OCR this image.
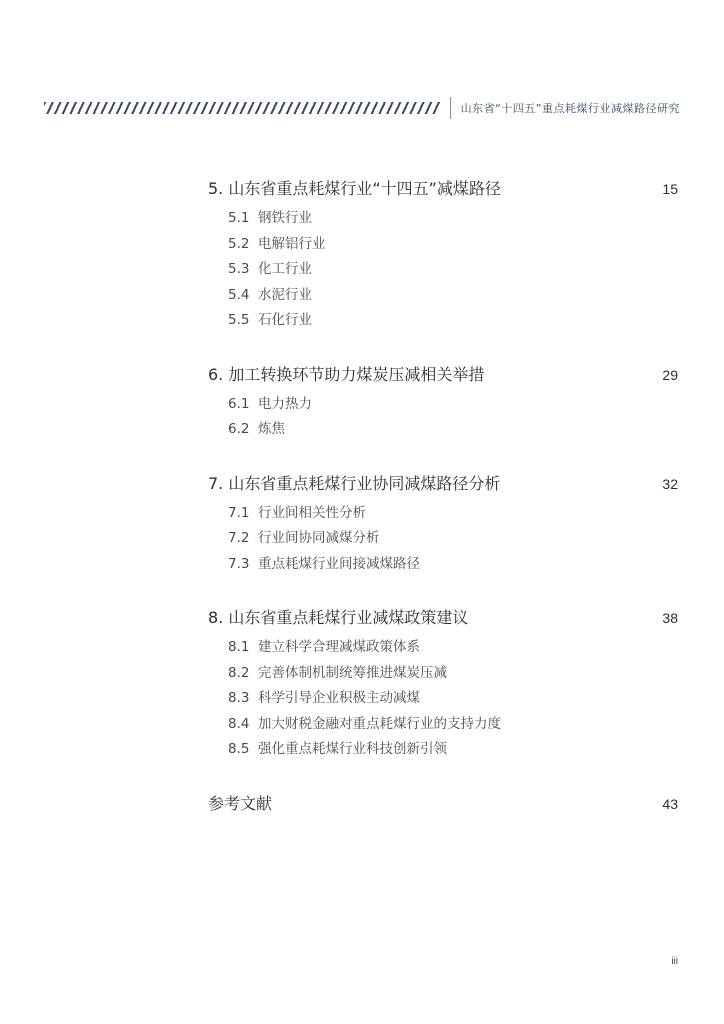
山东省“十四五”重点耗煤行业减煤路径研究
5. 山东省重点耗煤行业“十四五”减煤路径	15
5.1 钢铁行业
5.2 电解铝行业
5.3 化工行业
5.4 水泥行业
5.5 石化行业
6. 加工转换环节助力煤炭压减相关举措	29
6.1 电力热力
6.2 炼焦
7. 山东省重点耗煤行业协同减煤路径分析	32
7.1 行业间相关性分析
7.2 行业间协同减煤分析
7.3 重点耗煤行业间接减煤路径
8. 山东省重点耗煤行业减煤政策建议	38
8.1 建立科学合理减煤政策体系
8.2 完善体制机制统筹推进煤炭压减
8.3 科学引导企业积极主动减煤
8.4 加大财税金融对重点耗煤行业的支持力度
8.5 强化重点耗煤行业科技创新引领
参考文献	43
iii
